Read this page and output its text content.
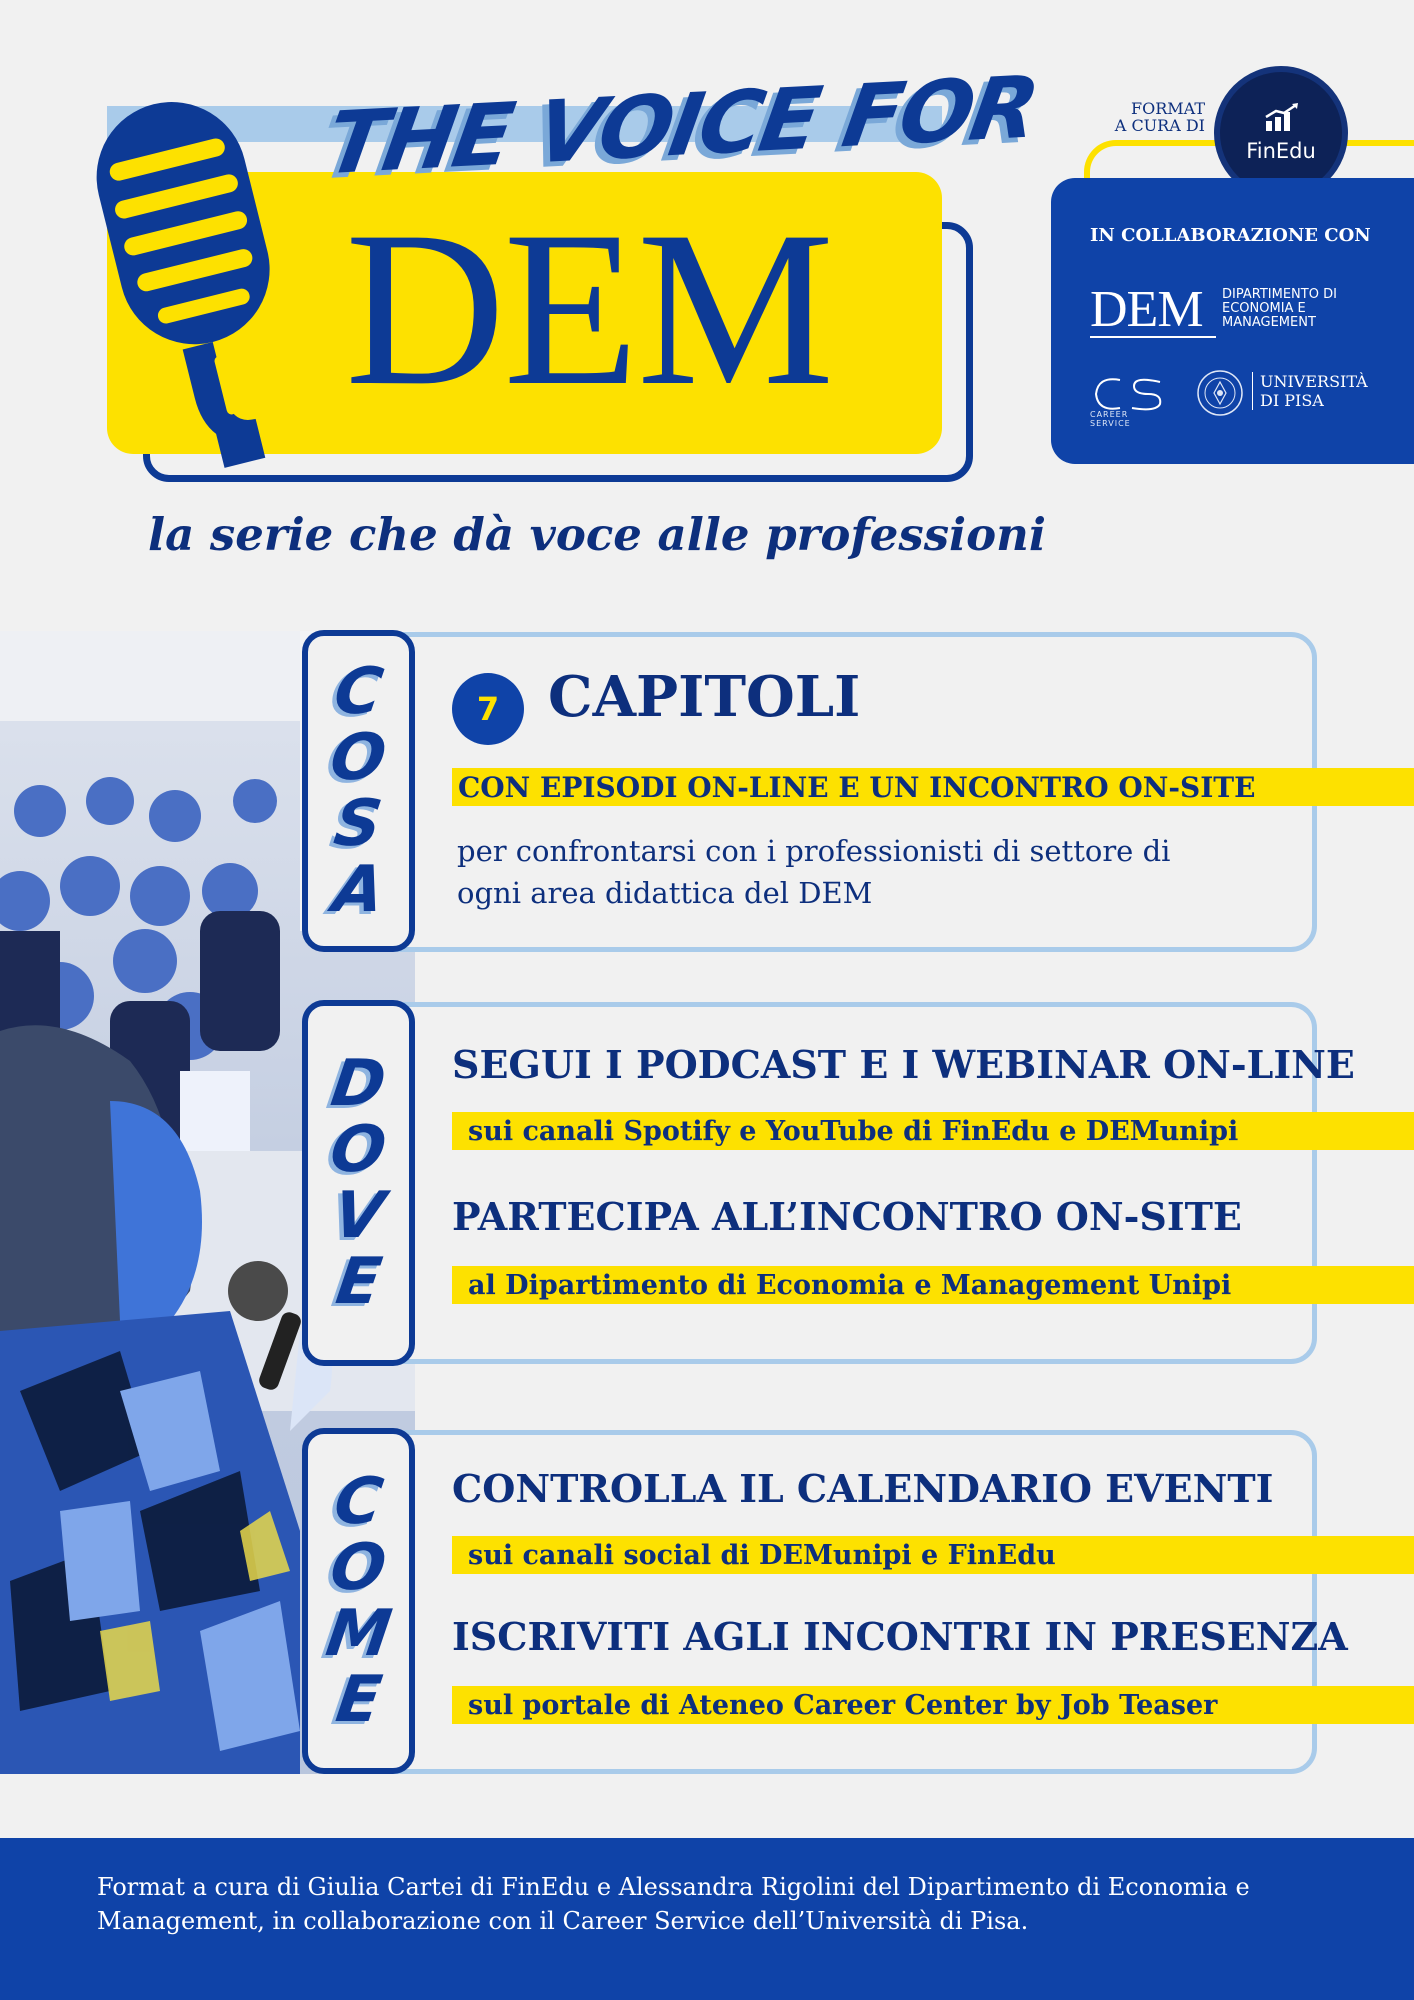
THE VOICE FOR
DEM
la serie che dà voce alle professioni
FORMAT
A CURA DI
FinEdu
IN COLLABORAZIONE CON
DEM	DIPARTIMENTO DI
ECONOMIA E
MANAGEMENT
CAREER SERVICE
UNIVERSITÀ
DI PISA
C
O
S
A
7 CAPITOLI
CON EPISODI ON-LINE E UN INCONTRO ON-SITE
per confrontarsi con i professionisti di settore di
ogni area didattica del DEM
D
O
V
E
SEGUI I PODCAST E I WEBINAR ON-LINE
sui canali Spotify e YouTube di FinEdu e DEMunipi
PARTECIPA ALL’INCONTRO ON-SITE
al Dipartimento di Economia e Management Unipi
C
O
M
E
CONTROLLA IL CALENDARIO EVENTI
sui canali social di DEMunipi e FinEdu
ISCRIVITI AGLI INCONTRI IN PRESENZA
sul portale di Ateneo Career Center by Job Teaser
Format a cura di Giulia Cartei di FinEdu e Alessandra Rigolini del Dipartimento di Economia e
Management, in collaborazione con il Career Service dell’Università di Pisa.
